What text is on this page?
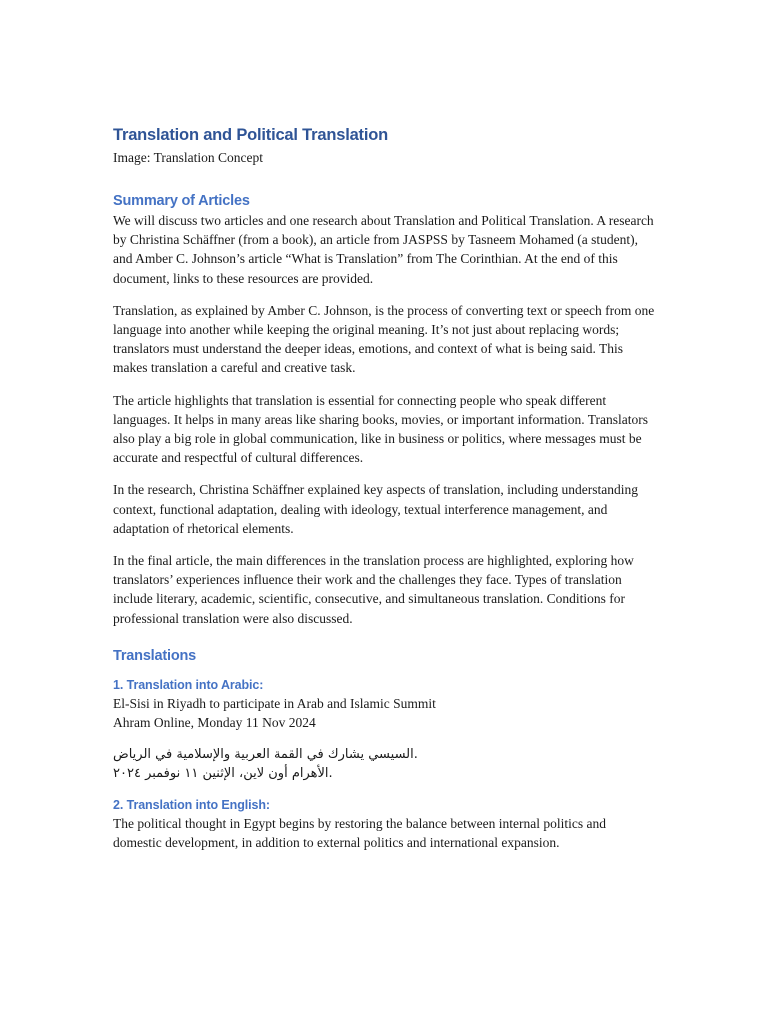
Translation and Political Translation

Image: Translation Concept

Summary of Articles

We will discuss two articles and one research about Translation and Political Translation. A research by Christina Schäffner (from a book), an article from JASPSS by Tasneem Mohamed (a student), and Amber C. Johnson’s article “What is Translation” from The Corinthian. At the end of this document, links to these resources are provided.

Translation, as explained by Amber C. Johnson, is the process of converting text or speech from one language into another while keeping the original meaning. It’s not just about replacing words; translators must understand the deeper ideas, emotions, and context of what is being said. This makes translation a careful and creative task.

The article highlights that translation is essential for connecting people who speak different languages. It helps in many areas like sharing books, movies, or important information. Translators also play a big role in global communication, like in business or politics, where messages must be accurate and respectful of cultural differences.

In the research, Christina Schäffner explained key aspects of translation, including understanding context, functional adaptation, dealing with ideology, textual interference management, and adaptation of rhetorical elements.

In the final article, the main differences in the translation process are highlighted, exploring how translators’ experiences influence their work and the challenges they face. Types of translation include literary, academic, scientific, consecutive, and simultaneous translation. Conditions for professional translation were also discussed.

Translations
1. Translation into Arabic:

El-Sisi in Riyadh to participate in Arab and Islamic Summit

Ahram Online, Monday 11 Nov 2024

السيسي يشارك في القمة العربية والإسلامية في الرياض.

الأهرام أون لاين، الإثنين ١١ نوفمبر ٢٠٢٤.

2. Translation into English:

The political thought in Egypt begins by restoring the balance between internal politics and domestic development, in addition to external politics and international expansion.
